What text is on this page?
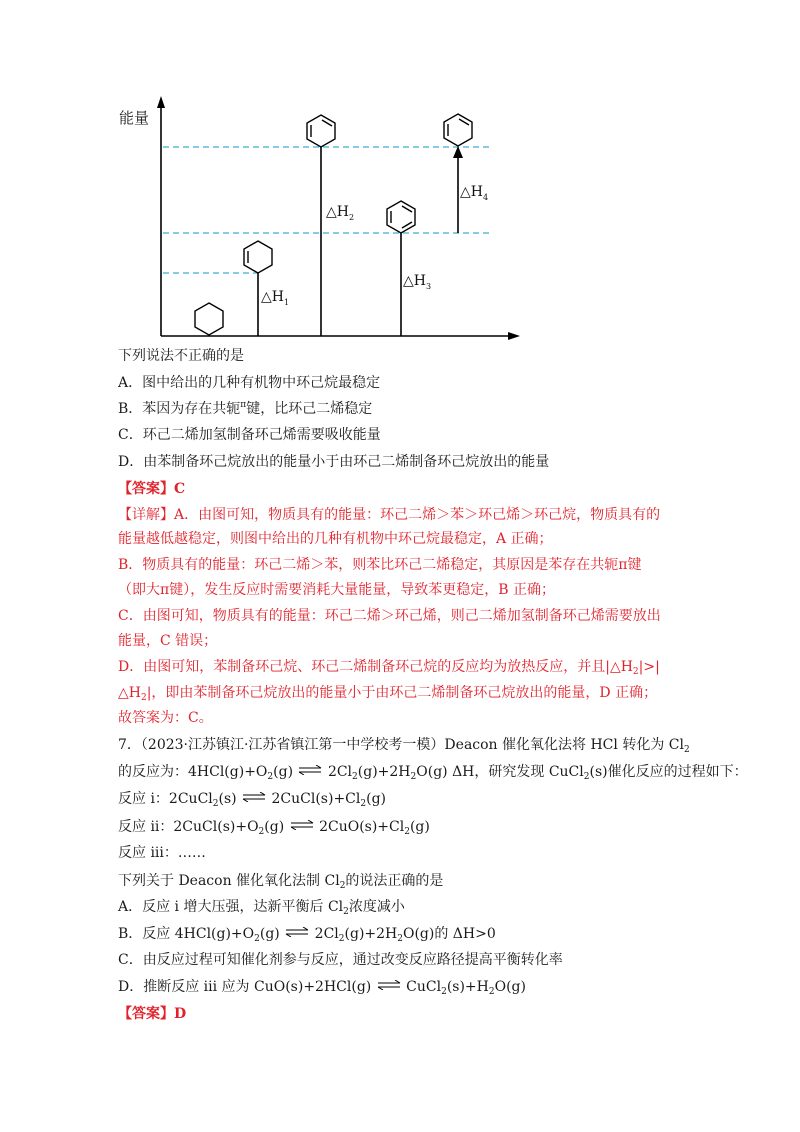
能量
$\triangle H_1$
$\triangle H_2$
$\triangle H_3$
$\triangle H_4$
下列说法不正确的是
A．图中给出的几种有机物中环己烷最稳定
B．苯因为存在共轭$^\pi$键，比环己二烯稳定
C．环己二烯加氢制备环己烯需要吸收能量
D．由苯制备环己烷放出的能量小于由环己二烯制备环己烷放出的能量
【答案】C
【详解】A．由图可知，物质具有的能量：环己二烯＞苯＞环己烯＞环己烷，物质具有的
能量越低越稳定，则图中给出的几种有机物中环己烷最稳定，A 正确；
B．物质具有的能量：环己二烯＞苯，则苯比环己二烯稳定，其原因是苯存在共轭π键
（即大π键），发生反应时需要消耗大量能量，导致苯更稳定，B 正确；
C．由图可知，物质具有的能量：环己二烯＞环己烯，则己二烯加氢制备环己烯需要放出
能量，C 错误；
D．由图可知，苯制备环己烷、环己二烯制备环己烷的反应均为放热反应，并且$|\triangle H_2|>|$
$\triangle H_2|$，即由苯制备环己烷放出的能量小于由环己二烯制备环己烷放出的能量，D 正确；
故答案为：C。
7．（2023·江苏镇江·江苏省镇江第一中学校考一模）Deacon 催化氧化法将 HCl 转化为 $Cl_2$
的反应为：$4HCl(g)+O_2(g)$ ⇌ $2Cl_2(g)+2H_2O(g)$ ΔH，研究发现 CuCl$_2$(s)催化反应的过程如下：
反应 i：2CuCl$_2$(s) ⇌ $2CuCl(s)+Cl_2(g)$
反应 ii：$2CuCl(s)+O_2(g)$ ⇌ $2CuO(s)+Cl_2(g)$
反应 iii：……
下列关于 Deacon 催化氧化法制 $Cl_2$的说法正确的是
A．反应 i 增大压强，达新平衡后 $Cl_2$浓度减小
B．反应 $4HCl(g)+O_2(g)$ ⇌ $2Cl_2(g)+2H_2O(g)$的 ΔH>0
C．由反应过程可知催化剂参与反应，通过改变反应路径提高平衡转化率
D．推断反应 iii 应为 CuO(s)+2HCl(g) ⇌ $CuCl_2(s)+H_2O(g)$
【答案】D
